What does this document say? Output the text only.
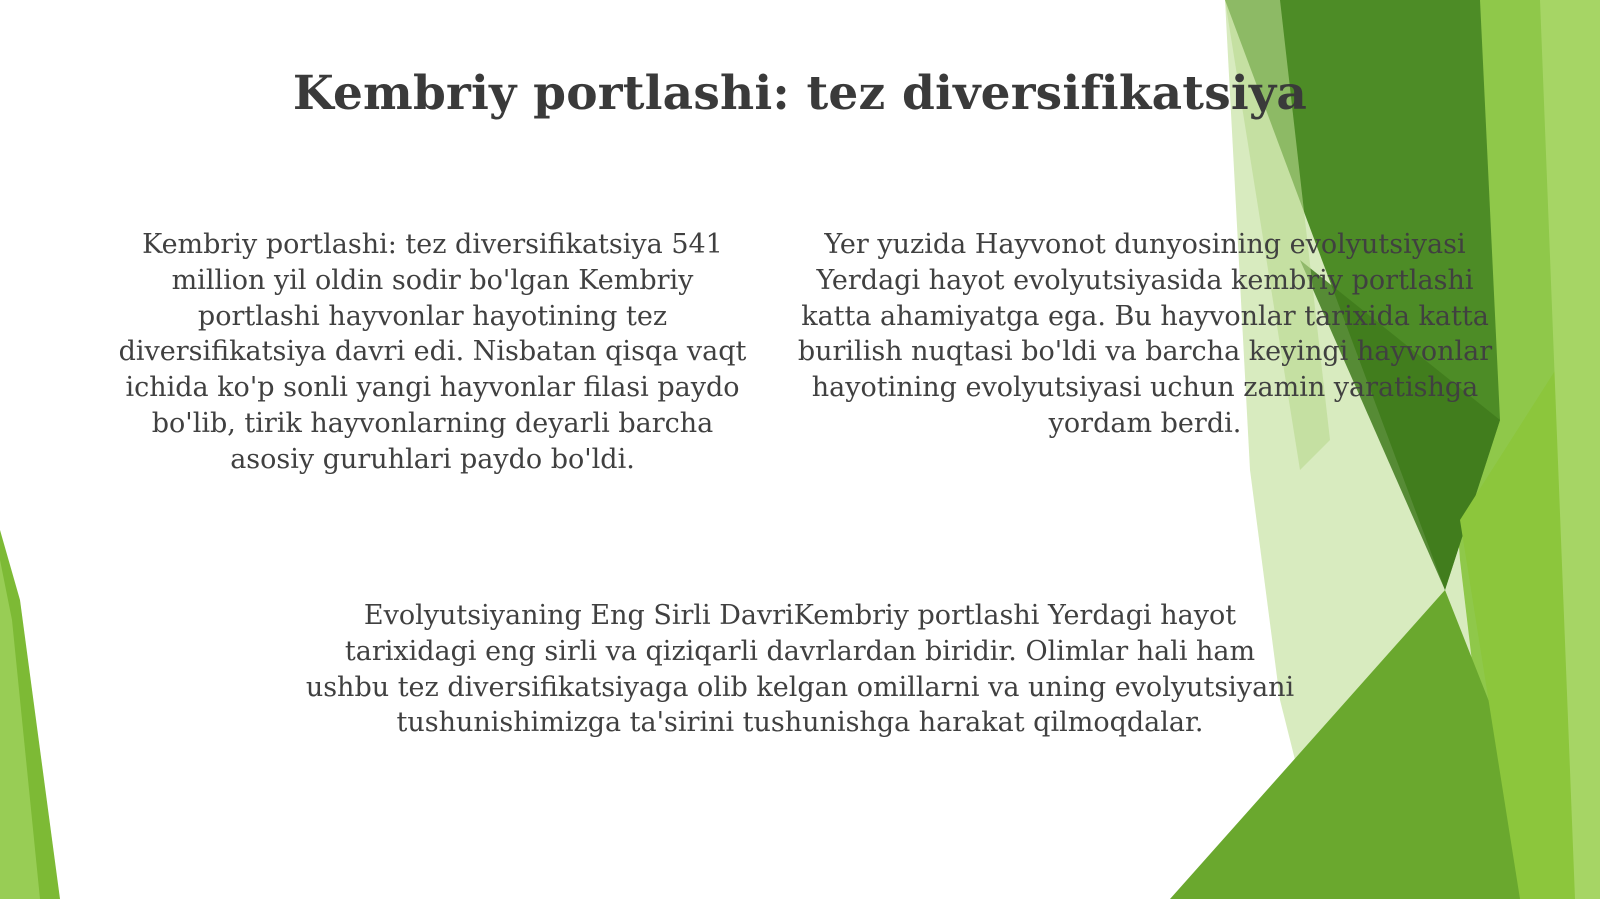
Kembriy portlashi: tez diversifikatsiya

Kembriy portlashi: tez diversifikatsiya 541 million yil oldin sodir bo'lgan Kembriy portlashi hayvonlar hayotining tez diversifikatsiya davri edi. Nisbatan qisqa vaqt ichida ko'p sonli yangi hayvonlar filasi paydo bo'lib, tirik hayvonlarning deyarli barcha asosiy guruhlari paydo bo'ldi.

Yer yuzida Hayvonot dunyosining evolyutsiyasi Yerdagi hayot evolyutsiyasida kembriy portlashi katta ahamiyatga ega. Bu hayvonlar tarixida katta burilish nuqtasi bo'ldi va barcha keyingi hayvonlar hayotining evolyutsiyasi uchun zamin yaratishga yordam berdi.

Evolyutsiyaning Eng Sirli DavriKembriy portlashi Yerdagi hayot tarixidagi eng sirli va qiziqarli davrlardan biridir. Olimlar hali ham ushbu tez diversifikatsiyaga olib kelgan omillarni va uning evolyutsiyani tushunishimizga ta'sirini tushunishga harakat qilmoqdalar.
